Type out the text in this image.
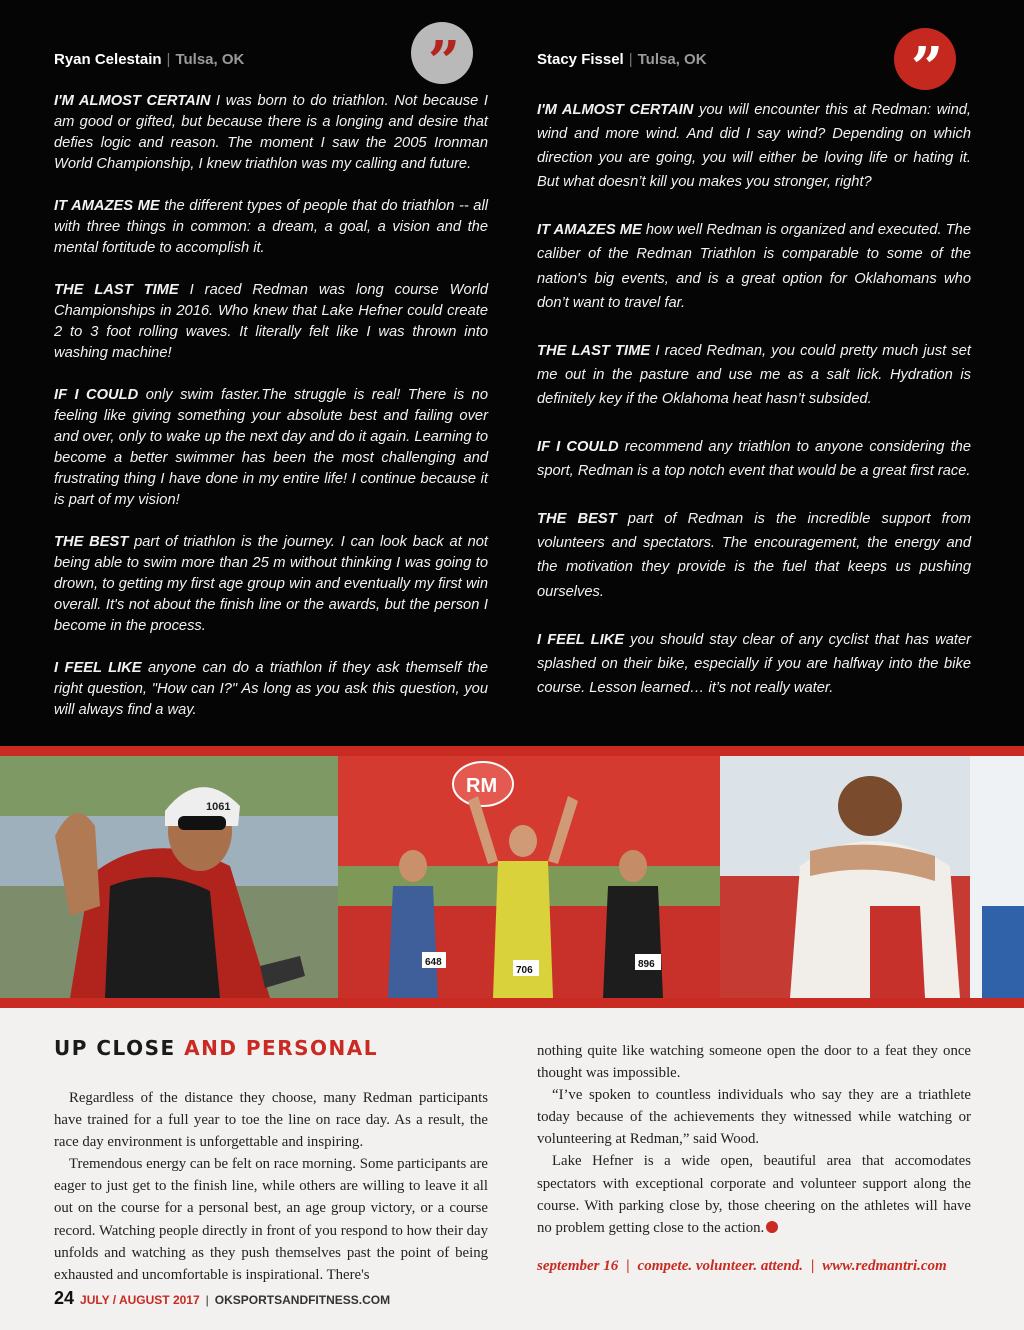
Ryan Celestain | Tulsa, OK

I'M ALMOST CERTAIN I was born to do triathlon. Not because I am good or gifted, but because there is a longing and desire that defies logic and reason. The moment I saw the 2005 Ironman World Championship, I knew triathlon was my calling and future.

IT AMAZES ME the different types of people that do triathlon -- all with three things in common: a dream, a goal, a vision and the mental fortitude to accomplish it.

THE LAST TIME I raced Redman was long course World Championships in 2016. Who knew that Lake Hefner could create 2 to 3 foot rolling waves. It literally felt like I was thrown into washing machine!

IF I COULD only swim faster.The struggle is real! There is no feeling like giving something your absolute best and failing over and over, only to wake up the next day and do it again. Learning to become a better swimmer has been the most challenging and frustrating thing I have done in my entire life! I continue because it is part of my vision!

THE BEST part of triathlon is the journey. I can look back at not being able to swim more than 25 m without thinking I was going to drown, to getting my first age group win and eventually my first win overall. It's not about the finish line or the awards, but the person I become in the process.

I FEEL LIKE anyone can do a triathlon if they ask themself the right question, "How can I?" As long as you ask this question, you will always find a way.

”	Stacy Fissel | Tulsa, OK

I'M ALMOST CERTAIN you will encounter this at Redman: wind, wind and more wind. And did I say wind? Depending on which direction you are going, you will either be loving life or hating it. But what doesn’t kill you makes you stronger, right?

IT AMAZES ME how well Redman is organized and executed. The caliber of the Redman Triathlon is comparable to some of the nation's big events, and is a great option for Oklahomans who don’t want to travel far.

THE LAST TIME I raced Redman, you could pretty much just set me out in the pasture and use me as a salt lick. Hydration is definitely key if the Oklahoma heat hasn’t subsided.

IF I COULD recommend any triathlon to anyone considering the sport, Redman is a top notch event that would be a great first race.

THE BEST part of Redman is the incredible support from volunteers and spectators. The encouragement, the energy and the motivation they provide is the fuel that keeps us pushing ourselves.

I FEEL LIKE you should stay clear of any cyclist that has water splashed on their bike, especially if you are halfway into the bike course. Lesson learned… it’s not really water.

”
1061
RM
648
706
896
UP CLOSE AND PERSONAL

Regardless of the distance they choose, many Redman participants have trained for a full year to toe the line on race day. As a result, the race day environment is unforgettable and inspiring.

Tremendous energy can be felt on race morning. Some participants are eager to just get to the finish line, while others are willing to leave it all out on the course for a personal best, an age group victory, or a course record. Watching people directly in front of you respond to how their day unfolds and watching as they push themselves past the point of being exhausted and uncomfortable is inspirational. There's

nothing quite like watching someone open the door to a feat they once thought was impossible.

“I’ve spoken to countless individuals who say they are a triathlete today because of the achievements they witnessed while watching or volunteering at Redman,” said Wood.

Lake Hefner is a wide open, beautiful area that accomodates spectators with exceptional corporate and volunteer support along the course. With parking close by, those cheering on the athletes will have no problem getting close to the action.

september 16 | compete. volunteer. attend. | www.redmantri.com
24 JULY / AUGUST 2017 | OKSPORTSANDFITNESS.COM
